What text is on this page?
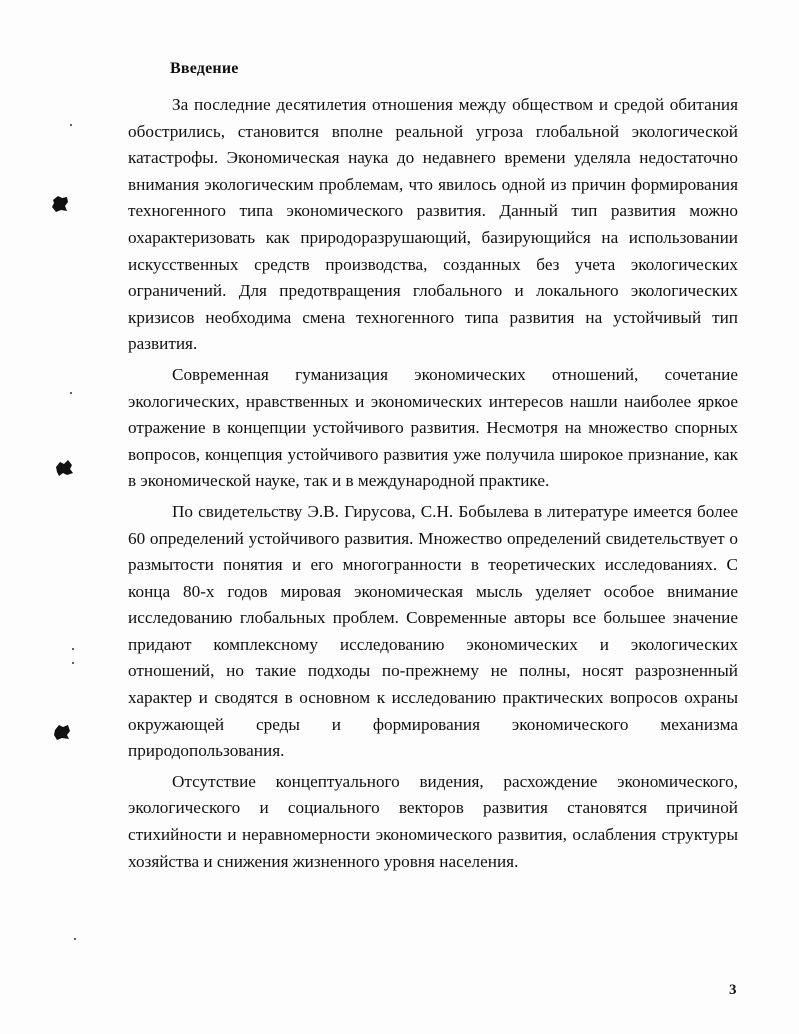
Введение

За последние десятилетия отношения между обществом и средой обитания обострились, становится вполне реальной угроза глобальной экологической катастрофы. Экономическая наука до недавнего времени уделяла недостаточно внимания экологическим проблемам, что явилось одной из причин формирования техногенного типа экономического развития. Данный тип развития можно охарактеризовать как природоразрушающий, базирующийся на использовании искусственных средств производства, созданных без учета экологических ограничений. Для предотвращения глобального и локального экологических кризисов необходима смена техногенного типа развития на устойчивый тип развития.

Современная гуманизация экономических отношений, сочетание экологических, нравственных и экономических интересов нашли наиболее яркое отражение в концепции устойчивого развития. Несмотря на множество спорных вопросов, концепция устойчивого развития уже получила широкое признание, как в экономической науке, так и в международной практике.

По свидетельству Э.В. Гирусова, С.Н. Бобылева в литературе имеется более 60 определений устойчивого развития. Множество определений свидетельствует о размытости понятия и его многогранности в теоретических исследованиях. С конца 80-х годов мировая экономическая мысль уделяет особое внимание исследованию глобальных проблем. Современные авторы все большее значение придают комплексному исследованию экономических и экологических отношений, но такие подходы по-прежнему не полны, носят разрозненный характер и сводятся в основном к исследованию практических вопросов охраны окружающей среды и формирования экономического механизма природопользования.

Отсутствие концептуального видения, расхождение экономического, экологического и социального векторов развития становятся причиной стихийности и неравномерности экономического развития, ослабления структуры хозяйства и снижения жизненного уровня населения.

3
